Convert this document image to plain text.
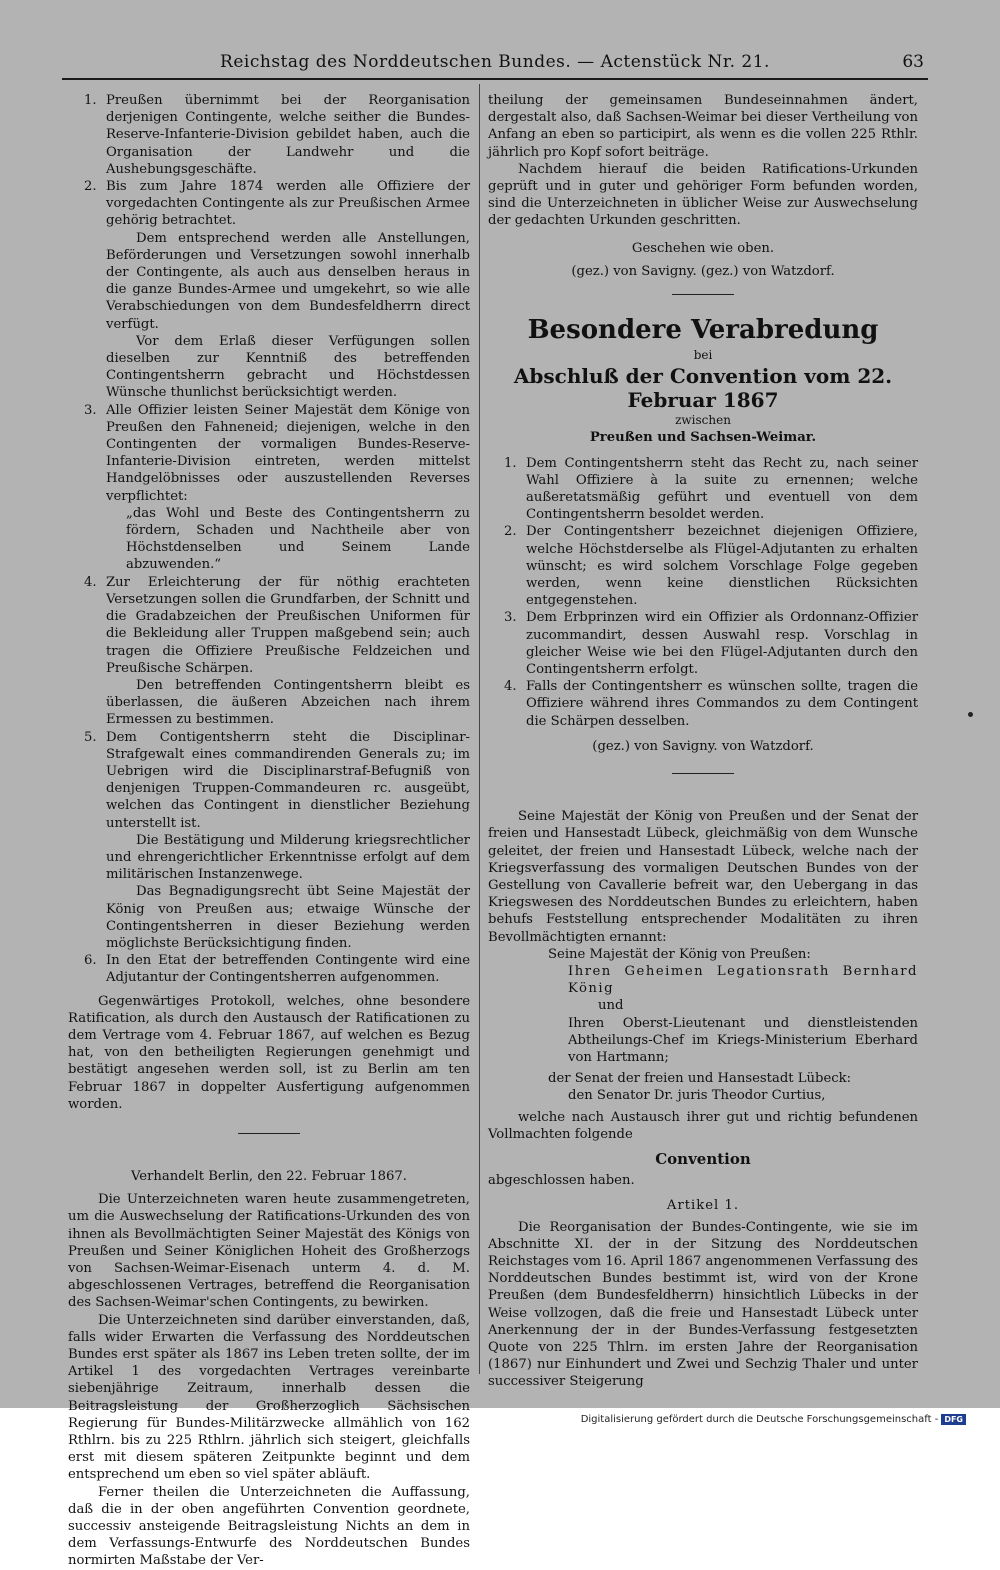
Reichstag des Norddeutschen Bundes. — Actenstück Nr. 21.	63
1. Preußen übernimmt bei der Reorganisation derjenigen Contingente, welche seither die Bundes-Reserve-Infanterie-Division gebildet haben, auch die Organisation der Landwehr und die Aushebungsgeschäfte.

2. Bis zum Jahre 1874 werden alle Offiziere der vorgedachten Contingente als zur Preußischen Armee gehörig betrachtet.

Dem entsprechend werden alle Anstellungen, Beförderungen und Versetzungen sowohl innerhalb der Contingente, als auch aus denselben heraus in die ganze Bundes-Armee und umgekehrt, so wie alle Verabschiedungen von dem Bundesfeldherrn direct verfügt.

Vor dem Erlaß dieser Verfügungen sollen dieselben zur Kenntniß des betreffenden Contingentsherrn gebracht und Höchstdessen Wünsche thunlichst berücksichtigt werden.

3. Alle Offizier leisten Seiner Majestät dem Könige von Preußen den Fahneneid; diejenigen, welche in den Contingenten der vormaligen Bundes-Reserve-Infanterie-Division eintreten, werden mittelst Handgelöbnisses oder auszustellenden Reverses verpflichtet:

„das Wohl und Beste des Contingentsherrn zu fördern, Schaden und Nachtheile aber von Höchstdenselben und Seinem Lande abzuwenden.“

4. Zur Erleichterung der für nöthig erachteten Versetzungen sollen die Grundfarben, der Schnitt und die Gradabzeichen der Preußischen Uniformen für die Bekleidung aller Truppen maßgebend sein; auch tragen die Offiziere Preußische Feldzeichen und Preußische Schärpen.

Den betreffenden Contingentsherrn bleibt es überlassen, die äußeren Abzeichen nach ihrem Ermessen zu bestimmen.

5. Dem Contigentsherrn steht die Disciplinar-Strafgewalt eines commandirenden Generals zu; im Uebrigen wird die Disciplinarstraf-Befugniß von denjenigen Truppen-Commandeuren rc. ausgeübt, welchen das Contingent in dienstlicher Beziehung unterstellt ist.

Die Bestätigung und Milderung kriegsrechtlicher und ehrengerichtlicher Erkenntnisse erfolgt auf dem militärischen Instanzenwege.

Das Begnadigungsrecht übt Seine Majestät der König von Preußen aus; etwaige Wünsche der Contingentsherren in dieser Beziehung werden möglichste Berücksichtigung finden.

6. In den Etat der betreffenden Contingente wird eine Adjutantur der Contingentsherren aufgenommen.

Gegenwärtiges Protokoll, welches, ohne besondere Ratification, als durch den Austausch der Ratificationen zu dem Vertrage vom 4. Februar 1867, auf welchen es Bezug hat, von den betheiligten Regierungen genehmigt und bestätigt angesehen werden soll, ist zu Berlin am ten Februar 1867 in doppelter Ausfertigung aufgenommen worden.

Verhandelt Berlin, den 22. Februar 1867.

Die Unterzeichneten waren heute zusammengetreten, um die Auswechselung der Ratifications-Urkunden des von ihnen als Bevollmächtigten Seiner Majestät des Königs von Preußen und Seiner Königlichen Hoheit des Großherzogs von Sachsen-Weimar-Eisenach unterm 4. d. M. abgeschlossenen Vertrages, betreffend die Reorganisation des Sachsen-Weimar'schen Contingents, zu bewirken.

Die Unterzeichneten sind darüber einverstanden, daß, falls wider Erwarten die Verfassung des Norddeutschen Bundes erst später als 1867 ins Leben treten sollte, der im Artikel 1 des vorgedachten Vertrages vereinbarte siebenjährige Zeitraum, innerhalb dessen die Beitragsleistung der Großherzoglich Sächsischen Regierung für Bundes-Militärzwecke allmählich von 162 Rthlrn. bis zu 225 Rthlrn. jährlich sich steigert, gleichfalls erst mit diesem späteren Zeitpunkte beginnt und dem entsprechend um eben so viel später abläuft.

Ferner theilen die Unterzeichneten die Auffassung, daß die in der oben angeführten Convention geordnete, successiv ansteigende Beitragsleistung Nichts an dem in dem Verfassungs-Entwurfe des Norddeutschen Bundes normirten Maßstabe der Ver-

theilung der gemeinsamen Bundeseinnahmen ändert, dergestalt also, daß Sachsen-Weimar bei dieser Vertheilung von Anfang an eben so participirt, als wenn es die vollen 225 Rthlr. jährlich pro Kopf sofort beiträge.

Nachdem hierauf die beiden Ratifications-Urkunden geprüft und in guter und gehöriger Form befunden worden, sind die Unterzeichneten in üblicher Weise zur Auswechselung der gedachten Urkunden geschritten.

Geschehen wie oben.

(gez.) von Savigny. (gez.) von Watzdorf.

Besondere Verabredung

bei

Abschluß der Convention vom 22. Februar 1867

zwischen

Preußen und Sachsen-Weimar.

1. Dem Contingentsherrn steht das Recht zu, nach seiner Wahl Offiziere à la suite zu ernennen; welche außeretatsmäßig geführt und eventuell von dem Contingentsherrn besoldet werden.

2. Der Contingentsherr bezeichnet diejenigen Offiziere, welche Höchstderselbe als Flügel-Adjutanten zu erhalten wünscht; es wird solchem Vorschlage Folge gegeben werden, wenn keine dienstlichen Rücksichten entgegenstehen.

3. Dem Erbprinzen wird ein Offizier als Ordonnanz-Offizier zucommandirt, dessen Auswahl resp. Vorschlag in gleicher Weise wie bei den Flügel-Adjutanten durch den Contingentsherrn erfolgt.

4. Falls der Contingentsherr es wünschen sollte, tragen die Offiziere während ihres Commandos zu dem Contingent die Schärpen desselben.

(gez.) von Savigny. von Watzdorf.

Seine Majestät der König von Preußen und der Senat der freien und Hansestadt Lübeck, gleichmäßig von dem Wunsche geleitet, der freien und Hansestadt Lübeck, welche nach der Kriegsverfassung des vormaligen Deutschen Bundes von der Gestellung von Cavallerie befreit war, den Uebergang in das Kriegswesen des Norddeutschen Bundes zu erleichtern, haben behufs Feststellung entsprechender Modalitäten zu ihren Bevollmächtigten ernannt:

Seine Majestät der König von Preußen:

Ihren Geheimen Legationsrath Bernhard König

und

Ihren Oberst-Lieutenant und dienstleistenden Abtheilungs-Chef im Kriegs-Ministerium Eberhard von Hartmann;

der Senat der freien und Hansestadt Lübeck:

den Senator Dr. juris Theodor Curtius,

welche nach Austausch ihrer gut und richtig befundenen Vollmachten folgende

Convention

abgeschlossen haben.

Artikel 1.

Die Reorganisation der Bundes-Contingente, wie sie im Abschnitte XI. der in der Sitzung des Norddeutschen Reichstages vom 16. April 1867 angenommenen Verfassung des Norddeutschen Bundes bestimmt ist, wird von der Krone Preußen (dem Bundesfeldherrn) hinsichtlich Lübecks in der Weise vollzogen, daß die freie und Hansestadt Lübeck unter Anerkennung der in der Bundes-Verfassung festgesetzten Quote von 225 Thlrn. im ersten Jahre der Reorganisation (1867) nur Einhundert und Zwei und Sechzig Thaler und unter successiver Steigerung

Digitalisierung gefördert durch die Deutsche Forschungsgemeinschaft - DFG
